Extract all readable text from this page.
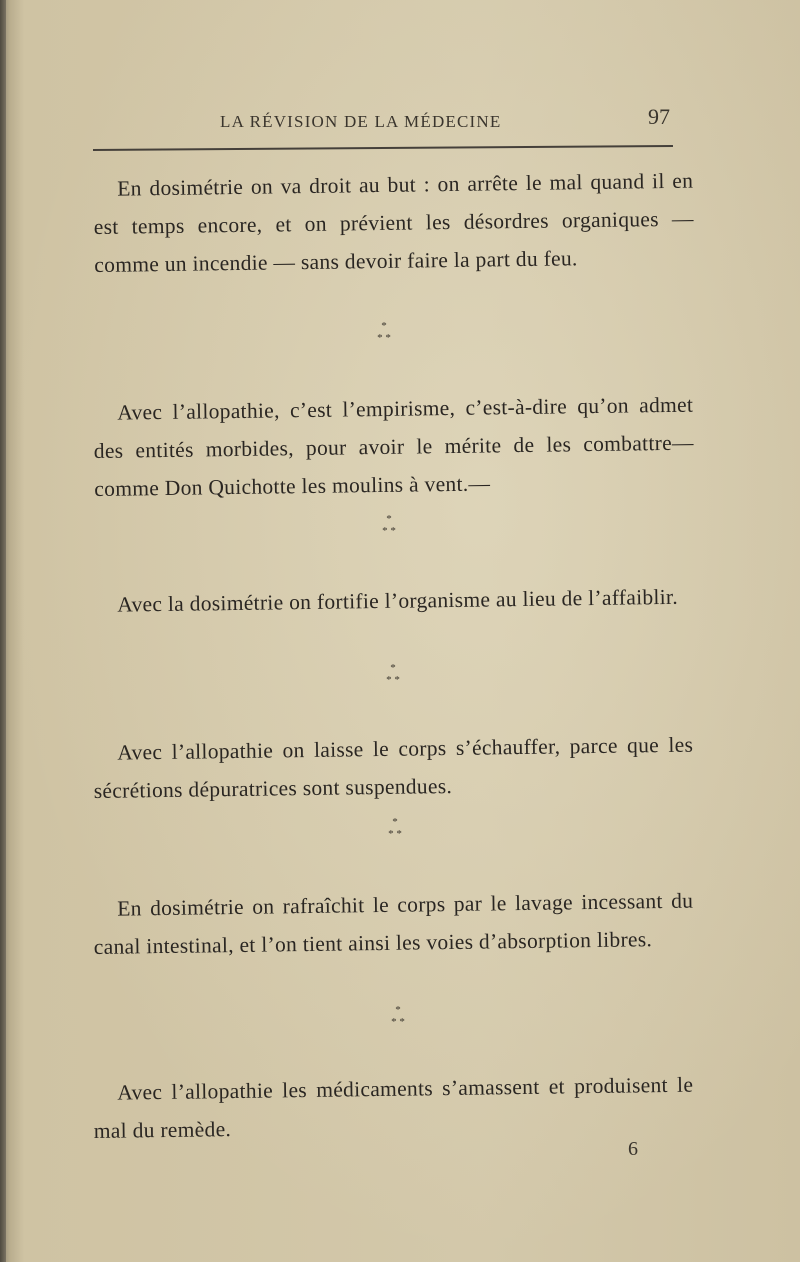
LA RÉVISION DE LA MÉDECINE	97

En dosimétrie on va droit au but : on arrête le mal quand il en est temps encore, et on prévient les désordres organiques — comme un incendie — sans devoir faire la part du feu.

*
* *

Avec l’allopathie, c’est l’empirisme, c’est-à-dire qu’on admet des entités morbides, pour avoir le mérite de les combattre— comme Don Quichotte les moulins à vent.—

*
* *

Avec la dosimétrie on fortifie l’organisme au lieu de l’affaiblir.

*
* *

Avec l’allopathie on laisse le corps s’échauffer, parce que les sécrétions dépuratrices sont suspendues.

*
* *

En dosimétrie on rafraîchit le corps par le lavage incessant du canal intestinal, et l’on tient ainsi les voies d’absorption libres.

*
* *

Avec l’allopathie les médicaments s’amassent et produisent le mal du remède.

6
